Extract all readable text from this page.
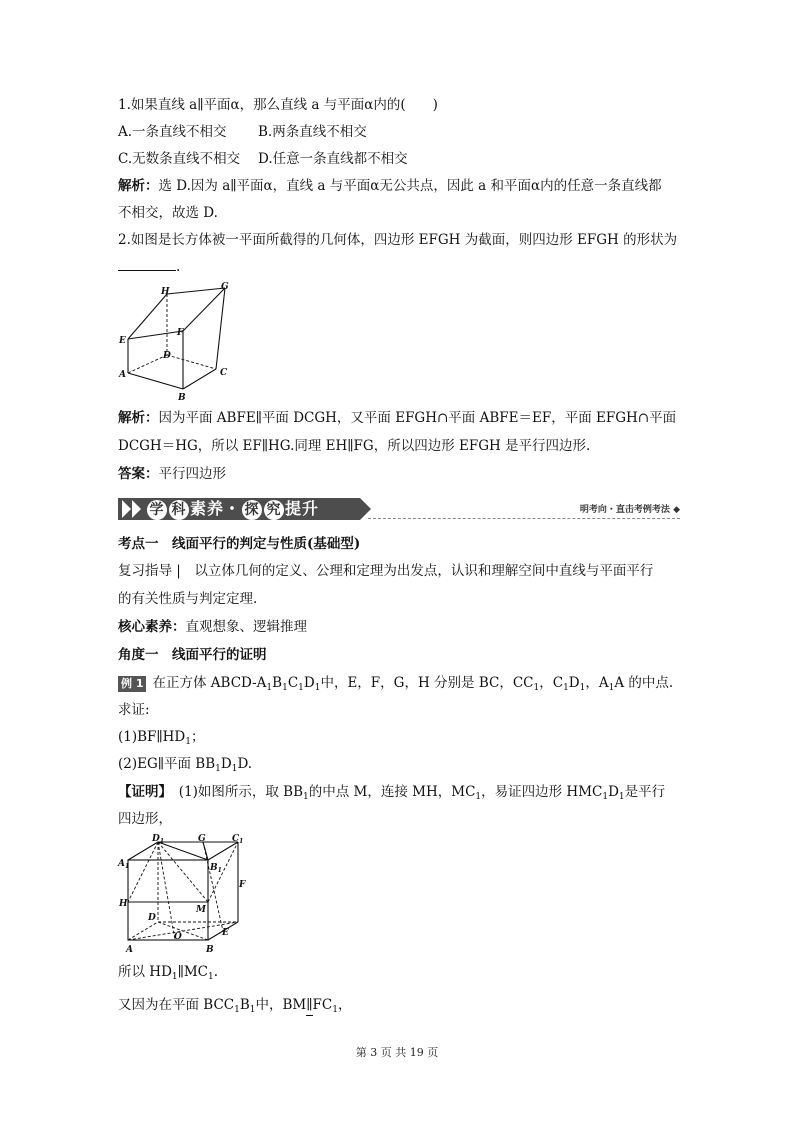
1.如果直线 a∥平面α，那么直线 a 与平面α内的(　　)
A.一条直线不相交 B.两条直线不相交
C.无数条直线不相交 D.任意一条直线都不相交
解析：选 D.因为 a∥平面α，直线 a 与平面α无公共点，因此 a 和平面α内的任意一条直线都
不相交，故选 D.
2.如图是长方体被一平面所截得的几何体，四边形 EFGH 为截面，则四边形 EFGH 的形状为
.
H	G
F
E
D
A	C
B
解析：因为平面 ABFE∥平面 DCGH，又平面 EFGH∩平面 ABFE＝EF，平面 EFGH∩平面
DCGH＝HG，所以 EF∥HG.同理 EH∥FG，所以四边形 EFGH 是平行四边形.
答案：平行四边形
学 科 素养・ 探 究 提升	明考向・直击考例考法 ◆
考点一　线面平行的判定与性质(基础型)
复习指导 |　以立体几何的定义、公理和定理为出发点，认识和理解空间中直线与平面平行
的有关性质与判定定理.
核心素养：直观想象、逻辑推理
角度一　线面平行的证明
例 1 在正方体 ABCD-$A_1B_1C_1D_1$中，E，F，G，H 分别是 BC，$CC_1$，$C_1D_1$，$A_1A$ 的中点.
求证:
$(1)BF\parallel HD_1$；
(2)EG∥平面 $BB_1D_1D$.
【证明】　 (1)如图所示，取 $BB_1$的中点 M，连接 MH，$MC_1$，易证四边形 $HMC_1D_1$是平行
四边形，
$D_1$	G	$C_1$
$A_1$	$B_1$
F
H
M
D
O	E
A	B
所以 $HD_1\parallel MC_1$.
又因为在平面 $BCC_1B_1$中，$BM\parallel FC_1$，
第 3 页 共 19 页
